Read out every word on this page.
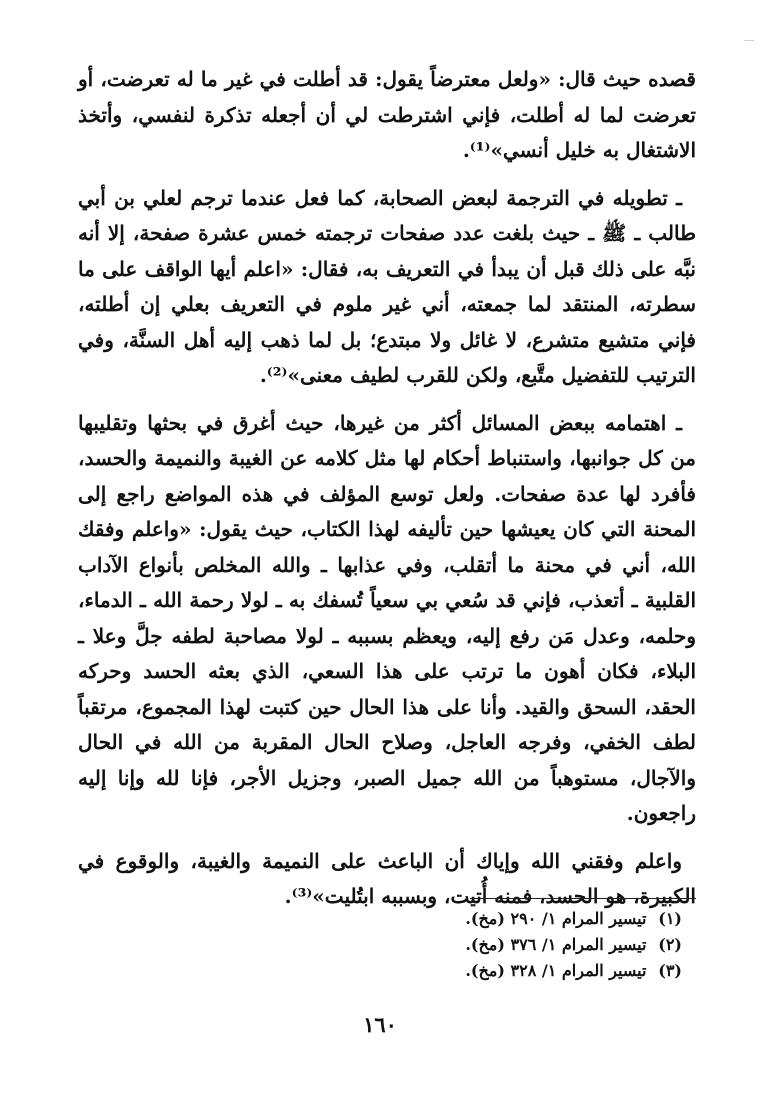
قصده حيث قال: «ولعل معترضاً يقول: قد أطلت في غير ما له تعرضت، أو تعرضت لما له أطلت، فإني اشترطت لي أن أجعله تذكرة لنفسي، وأتخذ الاشتغال به خليل أنسي»⁽¹⁾.

ـ تطويله في الترجمة لبعض الصحابة، كما فعل عندما ترجم لعلي بن أبي طالب ـ ﷺ ـ حيث بلغت عدد صفحات ترجمته خمس عشرة صفحة، إلا أنه نبَّه على ذلك قبل أن يبدأ في التعريف به، فقال: «اعلم أيها الواقف على ما سطرته، المنتقد لما جمعته، أني غير ملوم في التعريف بعلي إن أطلته، فإني متشيع متشرع، لا غائل ولا مبتدع؛ بل لما ذهب إليه أهل السنَّة، وفي الترتيب للتفضيل متَّبع، ولكن للقرب لطيف معنى»⁽²⁾.

ـ اهتمامه ببعض المسائل أكثر من غيرها، حيث أغرق في بحثها وتقليبها من كل جوانبها، واستنباط أحكام لها مثل كلامه عن الغيبة والنميمة والحسد، فأفرد لها عدة صفحات. ولعل توسع المؤلف في هذه المواضع راجع إلى المحنة التي كان يعيشها حين تأليفه لهذا الكتاب، حيث يقول: «واعلم وفقك الله، أني في محنة ما أتقلب، وفي عذابها ـ والله المخلص بأنواع الآداب القلبية ـ أتعذب، فإني قد سُعي بي سعياً تُسفك به ـ لولا رحمة الله ـ الدماء، وحلمه، وعدل مَن رفع إليه، ويعظم بسببه ـ لولا مصاحبة لطفه جلَّ وعلا ـ البلاء، فكان أهون ما ترتب على هذا السعي، الذي بعثه الحسد وحركه الحقد، السحق والقيد. وأنا على هذا الحال حين كتبت لهذا المجموع، مرتقباً لطف الخفي، وفرجه العاجل، وصلاح الحال المقربة من الله في الحال والآجال، مستوهباً من الله جميل الصبر، وجزيل الأجر، فإنا لله وإنا إليه راجعون.

واعلم وفقني الله وإياك أن الباعث على النميمة والغيبة، والوقوع في الكبيرة، هو الحسد، فمنه أُتيت، وبسببه ابتُليت»⁽³⁾.

(١) تيسير المرام ١/ ٢٩٠ (مخ).
(٢) تيسير المرام ١/ ٣٧٦ (مخ).
(٣) تيسير المرام ١/ ٣٢٨ (مخ).
١٦٠
